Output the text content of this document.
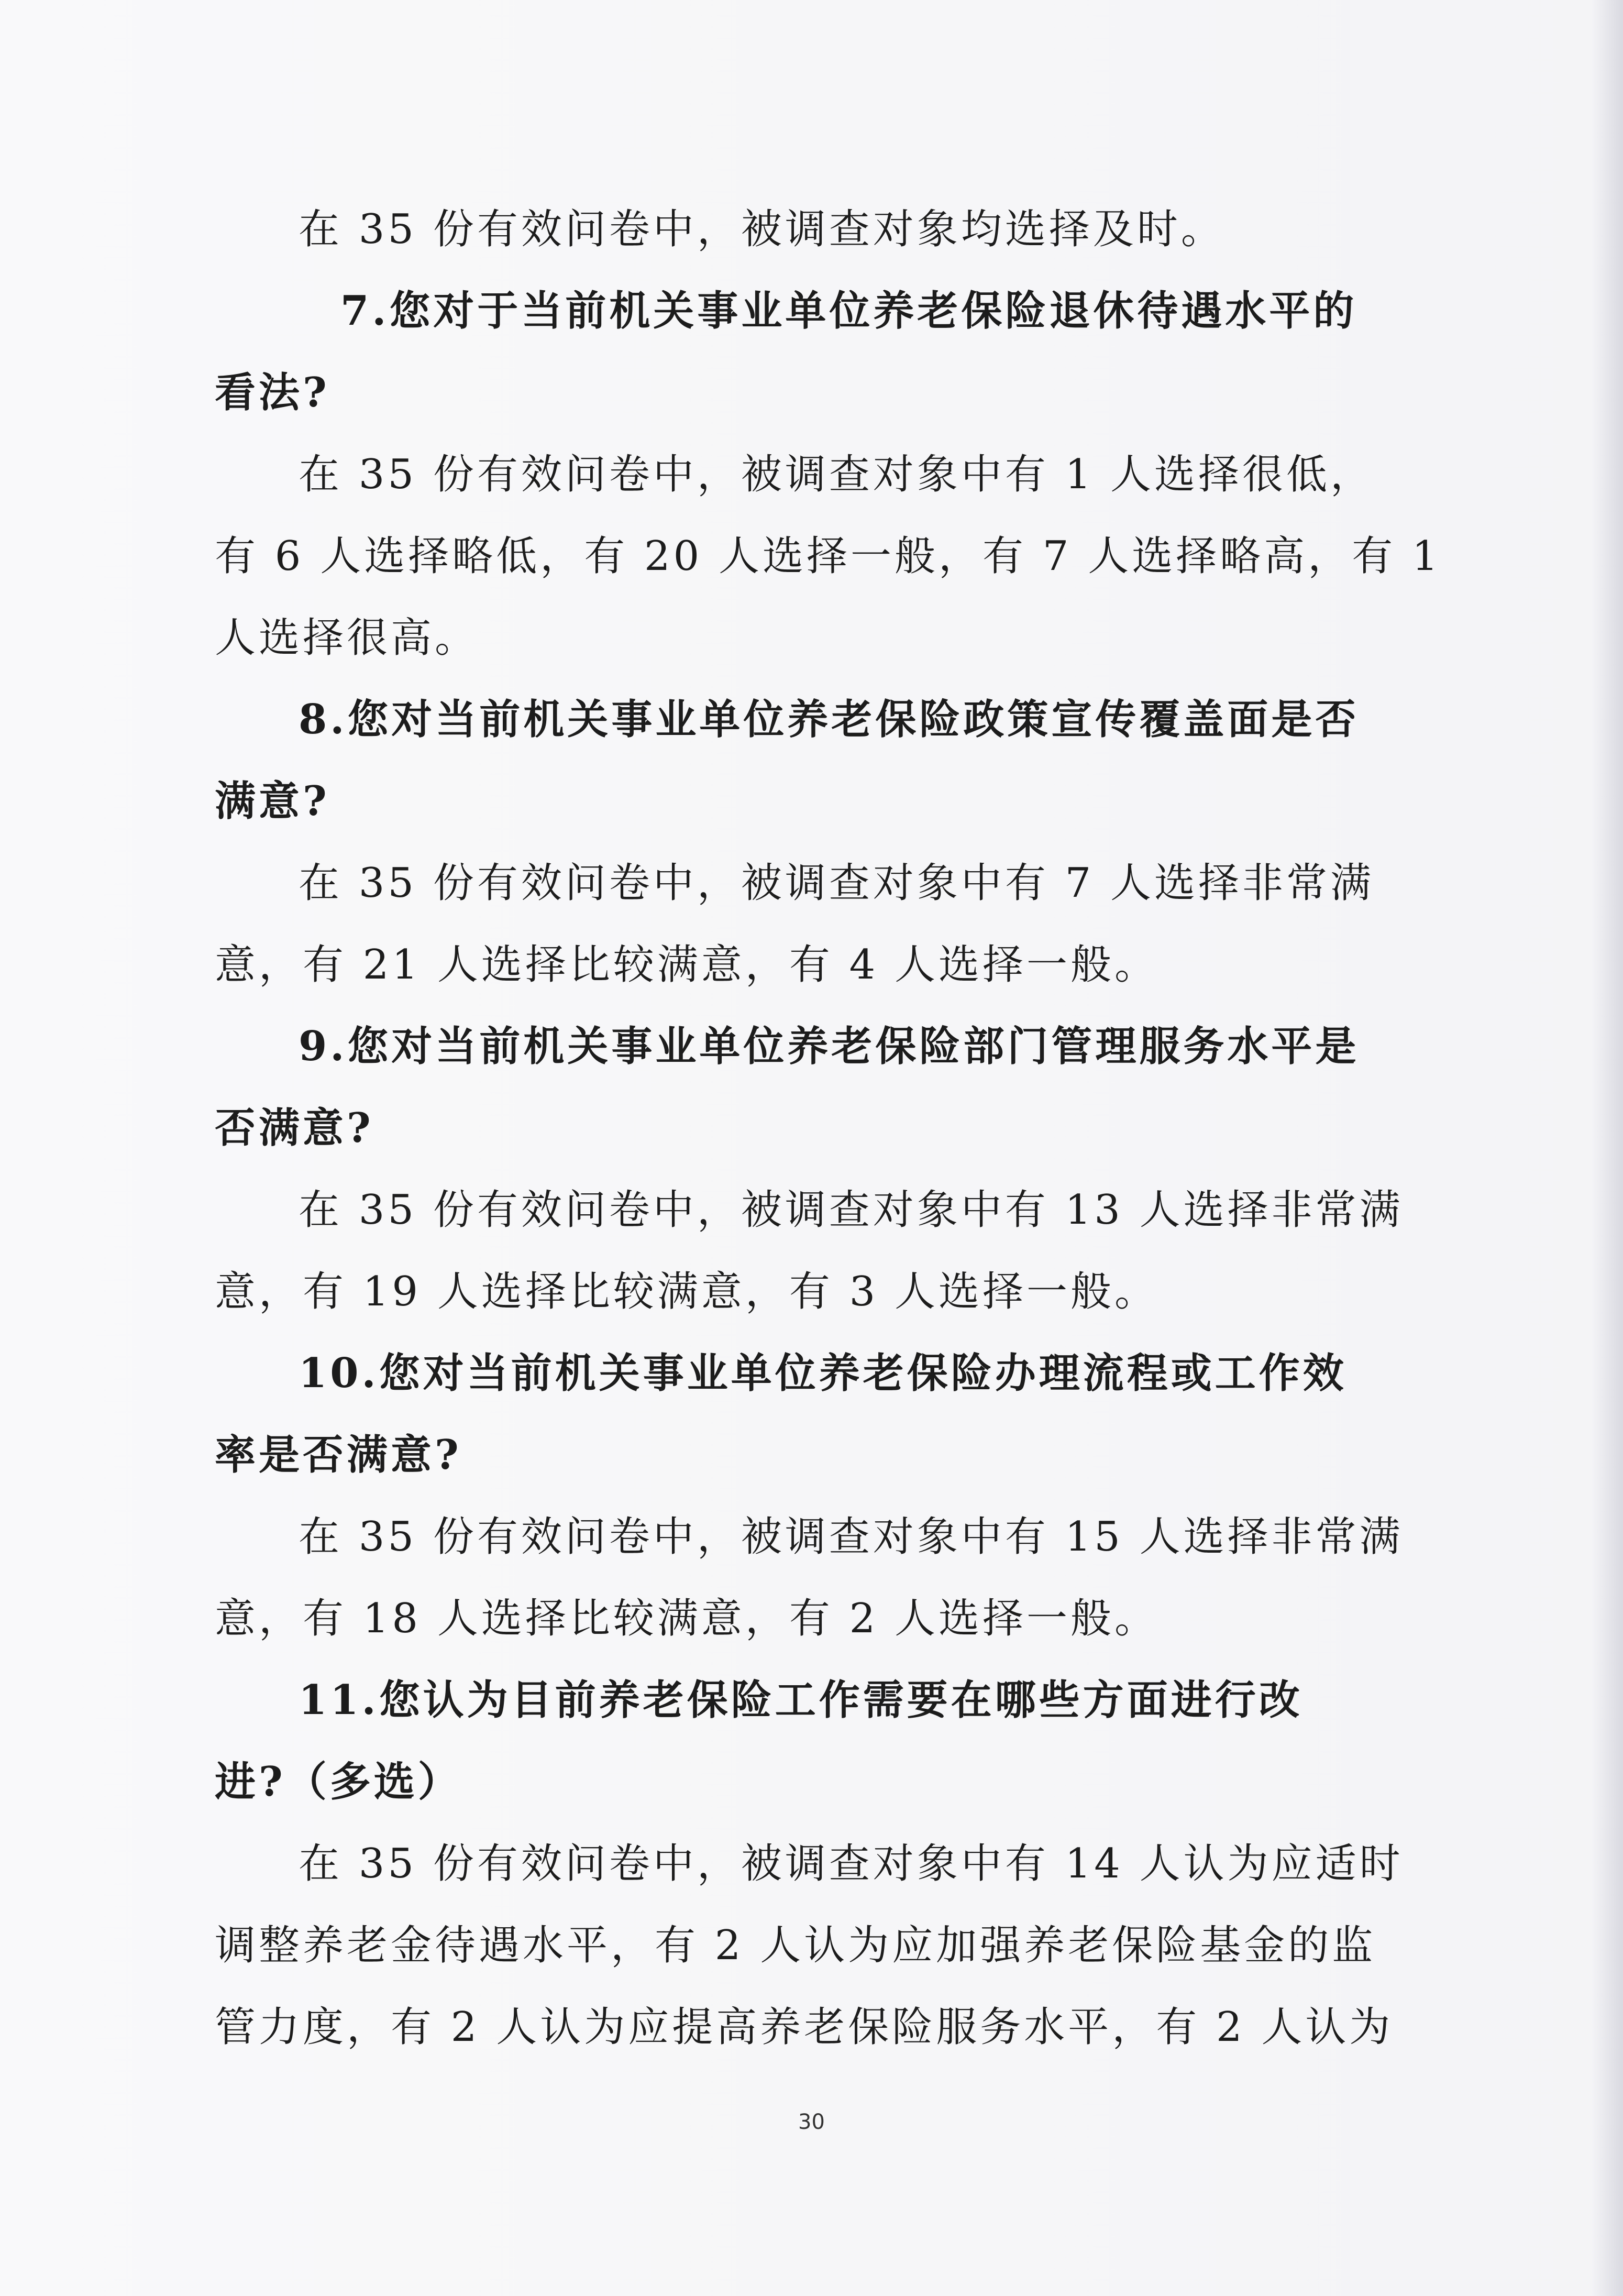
在 35 份有效问卷中，被调查对象均选择及时。
7.您对于当前机关事业单位养老保险退休待遇水平的
看法?
在 35 份有效问卷中，被调查对象中有 1 人选择很低，
有 6 人选择略低，有 20 人选择一般，有 7 人选择略高，有 1
人选择很高。
8.您对当前机关事业单位养老保险政策宣传覆盖面是否
满意?
在 35 份有效问卷中，被调查对象中有 7 人选择非常满
意，有 21 人选择比较满意，有 4 人选择一般。
9.您对当前机关事业单位养老保险部门管理服务水平是
否满意?
在 35 份有效问卷中，被调查对象中有 13 人选择非常满
意，有 19 人选择比较满意，有 3 人选择一般。
10.您对当前机关事业单位养老保险办理流程或工作效
率是否满意?
在 35 份有效问卷中，被调查对象中有 15 人选择非常满
意，有 18 人选择比较满意，有 2 人选择一般。
11.您认为目前养老保险工作需要在哪些方面进行改
进?（多选）
在 35 份有效问卷中，被调查对象中有 14 人认为应适时
调整养老金待遇水平，有 2 人认为应加强养老保险基金的监
管力度，有 2 人认为应提高养老保险服务水平，有 2 人认为
30
